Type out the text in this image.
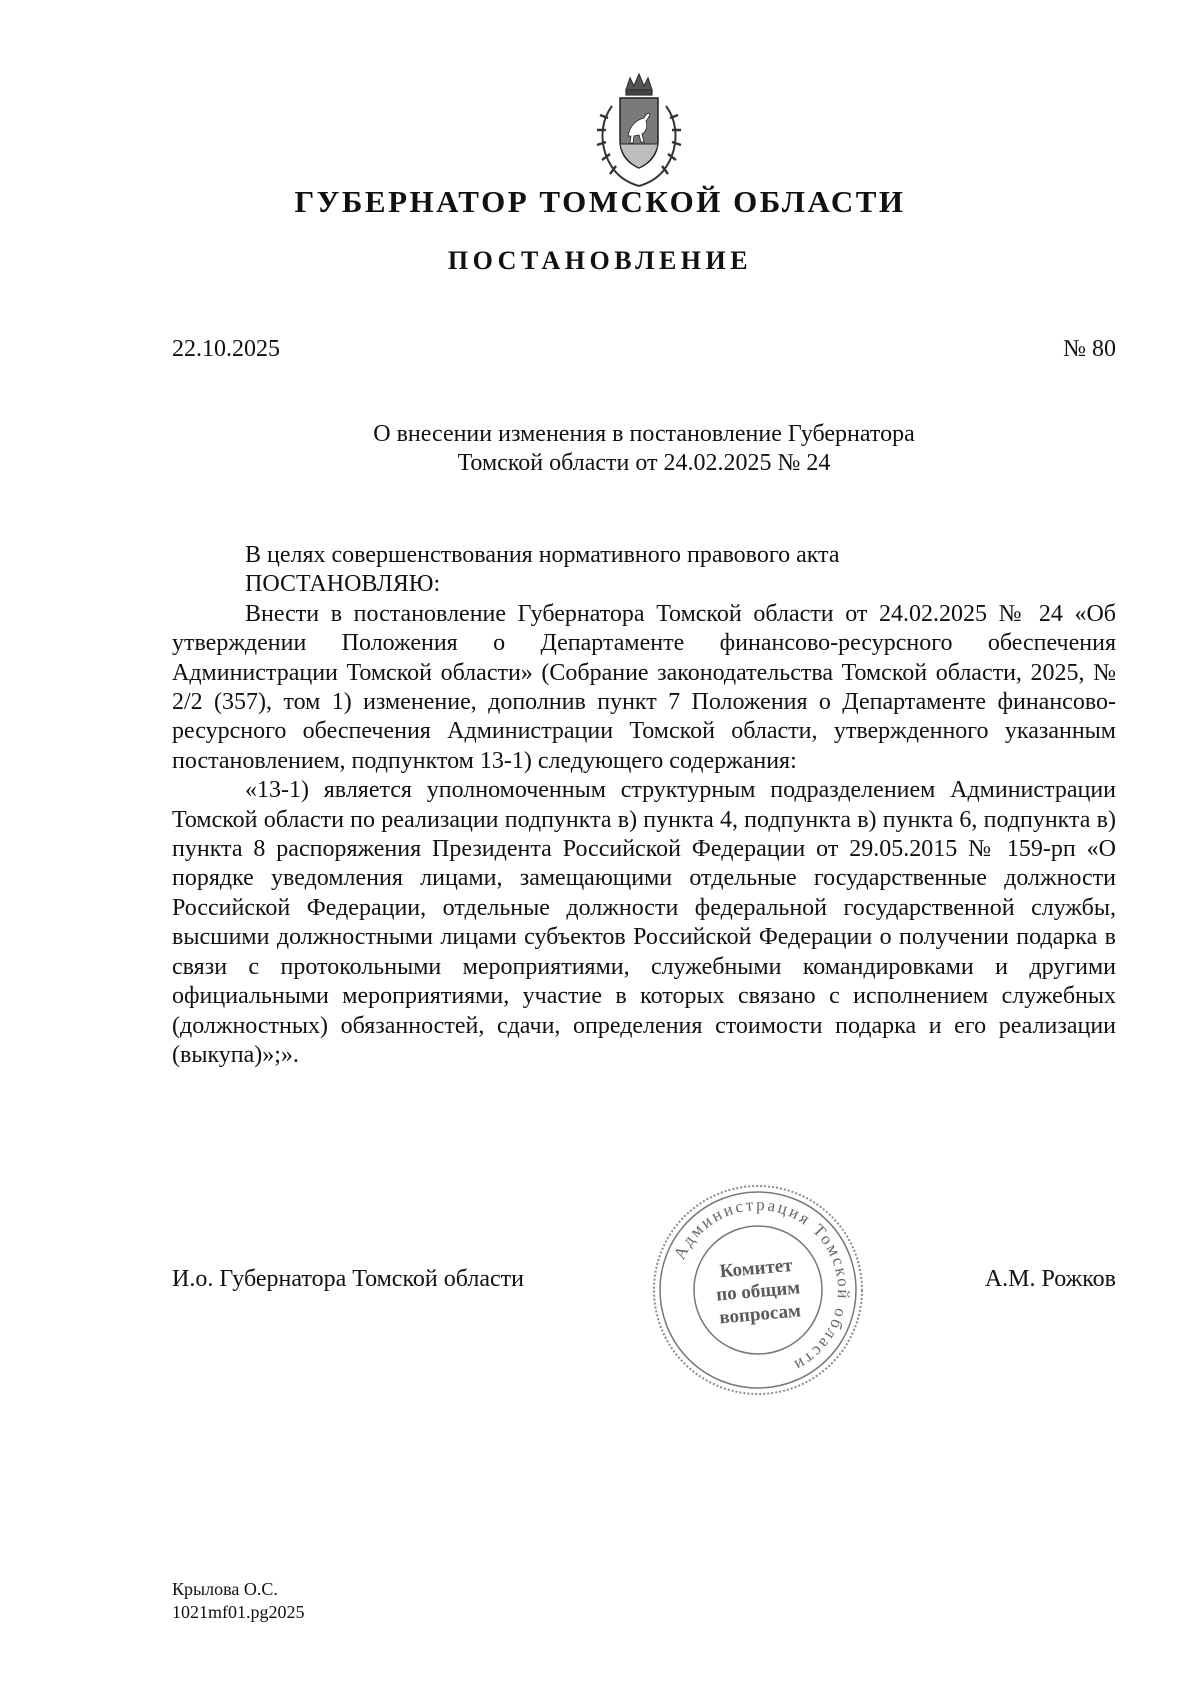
ГУБЕРНАТОР ТОМСКОЙ ОБЛАСТИ
ПОСТАНОВЛЕНИЕ
22.10.2025	№ 80
О внесении изменения в постановление Губернатора
Томской области от 24.02.2025 № 24

В целях совершенствования нормативного правового акта

ПОСТАНОВЛЯЮ:

Внести в постановление Губернатора Томской области от 24.02.2025 № 24 «Об утверждении Положения о Департаменте финансово-ресурсного обеспечения Администрации Томской области» (Собрание законодательства Томской области, 2025, № 2/2 (357), том 1) изменение, дополнив пункт 7 Положения о Департаменте финансово-ресурсного обеспечения Администрации Томской области, утвержденного указанным постановлением, подпунктом 13-1) следующего содержания:

«13-1) является уполномоченным структурным подразделением Администрации Томской области по реализации подпункта в) пункта 4, подпункта в) пункта 6, подпункта в) пункта 8 распоряжения Президента Российской Федерации от 29.05.2015 № 159-рп «О порядке уведомления лицами, замещающими отдельные государственные должности Российской Федерации, отдельные должности федеральной государственной службы, высшими должностными лицами субъектов Российской Федерации о получении подарка в связи с протокольными мероприятиями, служебными командировками и другими официальными мероприятиями, участие в которых связано с исполнением служебных (должностных) обязанностей, сдачи, определения стоимости подарка и его реализации (выкупа)»;».

И.о. Губернатора Томской области
Администрация Томской области
Комитет
по общим
вопросам
А.М. Рожков
Крылова О.С.
1021mf01.pg2025
